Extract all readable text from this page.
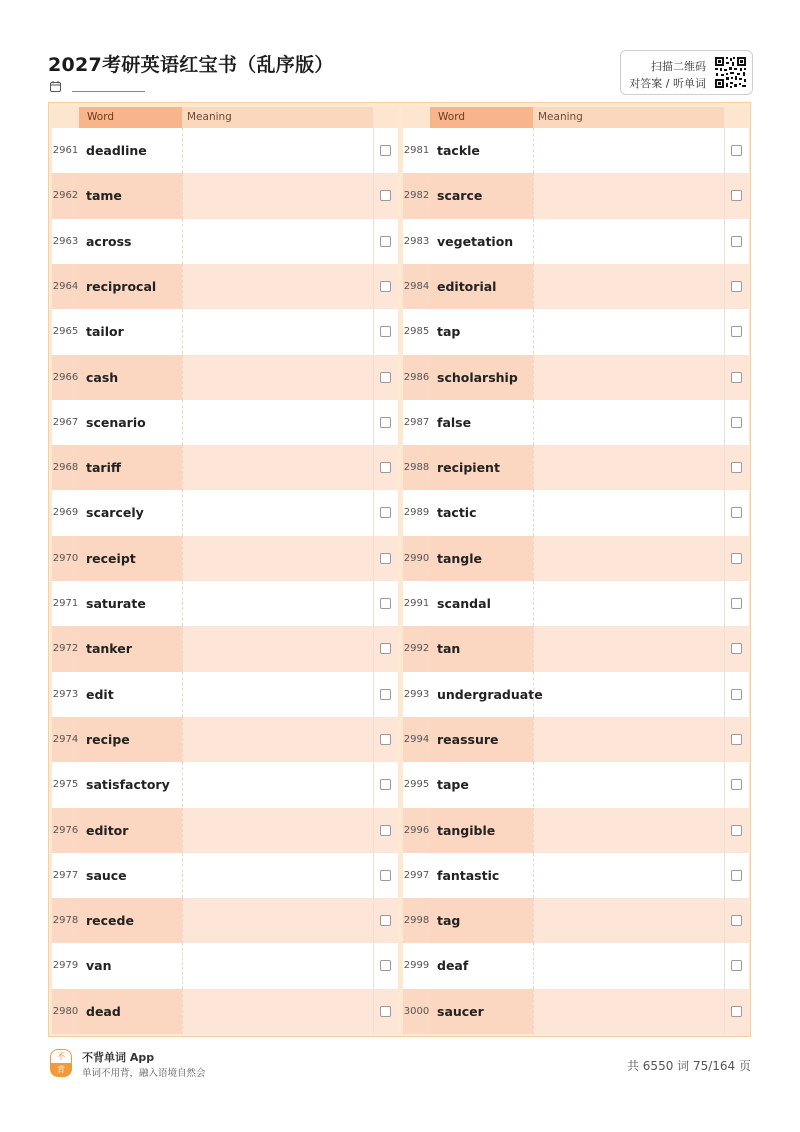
2027考研英语红宝书（乱序版）	扫描二维码
对答案 / 听单词
Word	Meaning
2961 deadline
2962 tame
2963 across
2964 reciprocal
2965 tailor
2966 cash
2967 scenario
2968 tariff
2969 scarcely
2970 receipt
2971 saturate
2972 tanker
2973 edit
2974 recipe
2975 satisfactory
2976 editor
2977 sauce
2978 recede
2979 van
2980 dead
Word	Meaning
2981 tackle
2982 scarce
2983 vegetation
2984 editorial
2985 tap
2986 scholarship
2987 false
2988 recipient
2989 tactic
2990 tangle
2991 scandal
2992 tan
2993 undergraduate
2994 reassure
2995 tape
2996 tangible
2997 fantastic
2998 tag
2999 deaf
3000 saucer
不
背
不背单词 App
单词不用背，融入语境自然会
共 6550 词 75/164 页
